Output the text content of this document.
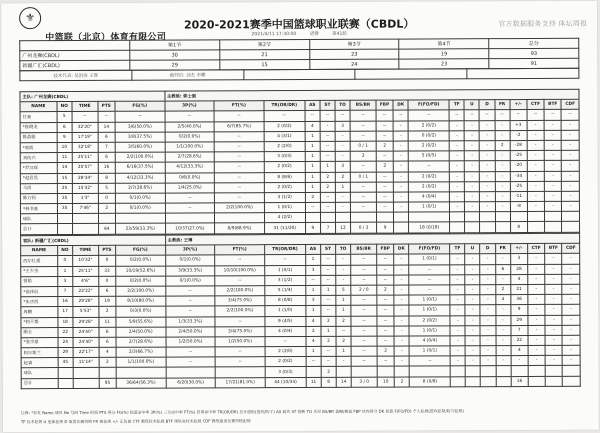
⚜
中篮联（北京）体育有限公司
2020-2021赛季中国篮球职业联赛（CBDL）	官方数据服务支持 体坛周报
2021/4/11 17:30:00	诸暨	第41轮
	第1节	第2节	第3节	第4节	总分
广州龙狮(CBDL)	30	21	23	19	93
新疆广汇(CBDL)	29	15	24	23	91
技术代表: 吴洪涛 王辉	裁判员: 刘杰 李鹏			
主队: 广州龙狮(CBDL)					主教练: 郭士强																	
NAME	NO	TIME	PTS	FG(%)	3P(%)	FT(%)	TR(OR/DR)	AS	ST	TO	BS/BR	FBP	DK	F(FO/FD)	TF	U	D	FR	+/-	CTF	BTF	CDF
付豪	5	--	--	--	--	--	--	--	--	--	--	--	--	--	--	--	--	--	--	--	--	--
*崔晓龙	6	32'20"	14	3/6(50.0%)	2/5(40.0%)	6/7(85.7%)	2 (0/2)	4	-	3	--	--	-	2 (0/2)	-	-	-	-	+3	-	-	-
陈盈骏	9	17'19"	6	3/8(37.5%)	0/2(0.0%)	--	4 (3/1)	1	--	-	--	--	-	0 (0/2)	-	-	-	-	-2	-	-	-
*郭凯	10	32'18"	7	3/5(60.0%)	1/1(100.0%)	--	2 (2/0)	1	--	-	0 / 1	2	-	2 (0/2)	-	-	-	2	-28	-	-	-
刘传兴	11	25'11"	6	2/2(100.0%)	2/7(28.6%)	--	3 (0/3)	1	--	-	2	--	-	5 (0/5)	-	-	-	-	-25	-	-	-
*罗汉琛	14	20'57"	16	6/16(37.5%)	4/12(33.3%)	--	2 (0/2)	1	1	3	--	2	-	--	-	-	-	-	-20	-	-	-
*赵岩昊	15	28'34"	8	4/12(33.3%)	0/6(0.0%)	--	8 (8/6)	1	2	2	0 / 1	--	-	2 (0/2)	-	-	-	-	-34	-	-	-
马尚	25	15'32"	5	2/7(28.6%)	1/4(25.0%)	--	2 (0/2)	1	2	1	--	--	-	2 (0/2)	-	-	-	-	-25	-	-	-
陈万钧	35	1'3"	0	0/1(0.0%)	--	--	3 (1/2)	2	--	-	--	--	-	4 (0/4)	-	-	-	-	-11	-	-	-
*林书豪	35	7'46"	2	0/1(0.0%)	--	2/2(100.0%)	1 (0/1)	--	--	-	--	--	-	1 (0/1)	-	-	-	-	-8	-	-	-
球队							4 (2/2)															
总计			64	23/59(33.3%)	10/37(27.0%)	8/9(88.9%)	31 (11/20)	9	7	12	0 / 3	9		18 (0/18)					8			
客队: 新疆广汇(CBDL)					主教练: 王博																	
NAME	NO	TIME	PTS	FG(%)	3P(%)	FT(%)	TR(OR/DR)	AS	ST	TO	BS/BR	FBP	DK	F(FO/FD)	TF	U	D	FR	+/-	CTF	BTF	CDF
西尔扎提	0	10'32"	0	0/2(0.0%)	0/1(0.0%)	--	--	1	--	-	--	--	-	1 (0/1)	-	-	-	-	3	-	-	-
*王少杰	1	25'11"	33	10/19(52.6%)	3/9(33.3%)	10/10(100.0%)	1 (0/1)	3	--	-	--	--	-	--	-	-	-	6	28	-	-	-
曾皓	3	4'6"	0	0/2(0.0%)	0/1(0.0%)	--	3 (1/2)	--	--	-	--	--	-	--	-	-	-	-	4	-	-	-
*俞泽辰	7	22'22"	6	2/2(100.0%)	--	2/2(100.0%)	5 (1/4)	1	1	5	2 / 0	2	-	--	-	-	-	2	21	-	-	-
*朱彦西	16	29'28"	19	8/10(80.0%)	--	3/4(75.0%)	8 (0/8)	3	--	1	--	--	-	1 (0/1)	-	-	-	4	36	-	-	-
周鹏	17	5'53"	2	0/3(0.0%)	--	2/2(100.0%)	1 (1/0)	1	--	1	--	--	-	1 (0/1)	-	-	-	-	9	-	-	-
*阿不都	18	29'28"	11	5/9(55.6%)	1/3(33.3%)	--	9 (4/5)	4	2	2	--	--	-	2 (0/2)	-	-	-	-	29	-	-	-
顾全	22	24'40"	6	2/4(50.0%)	2/4(50.0%)	3/4(75.0%)	4 (0/4)	2	1	--	--	--	-	1 (0/1)	-	-	-	-	7	-	-	-
*张宗豪	24	24'40"	6	2/7(28.6%)	1/2(50.0%)	1/2(50.0%)	--	4	2	2	--	--	-	4 (0/4)	-	-	-	-	22	-	-	-
阿尔斯兰	29	22'17"	4	2/3(66.7%)	--	--	2 (2/0)	1	--	1	--	2	-	1 (0/1)	-	-	-	-	4	-	-	-
赵睿	45	11'14"	2	1/1(100.0%)	--	--	2 (0/2)	--	--	-	--	--	-	--	-	-	-	-	-	-	-	-
球队							3 (0/3)		2													
总计			95	36/64(56.3%)	6/20(30.0%)	17/21(81.0%)	44 (10/34)	11	8	14	3 / 0	10	2	8 (0/8)					16			
注释: *首发 Name 球员 No 号码 Time 时间 PTS 得分 FG(%) 投篮命中率 3P(%) 三分命中率 FT(%) 罚球命中率 TR(OR/DR) 总计篮板(进攻/防守) AS 助攻 ST 抢断 TO 失误 BS/BR 盖帽/被盖 FBP 快攻得分 DK 扣篮 F(FO/FD) 个人犯规(进攻犯规/防守犯规)
TF 技术犯规 U 违体犯规 D 取消比赛资格 FR 被犯规 +/- 正负值 CTF 教练技术犯规 BTF 球队席技术犯规 CDF 教练取消比赛资格犯规
